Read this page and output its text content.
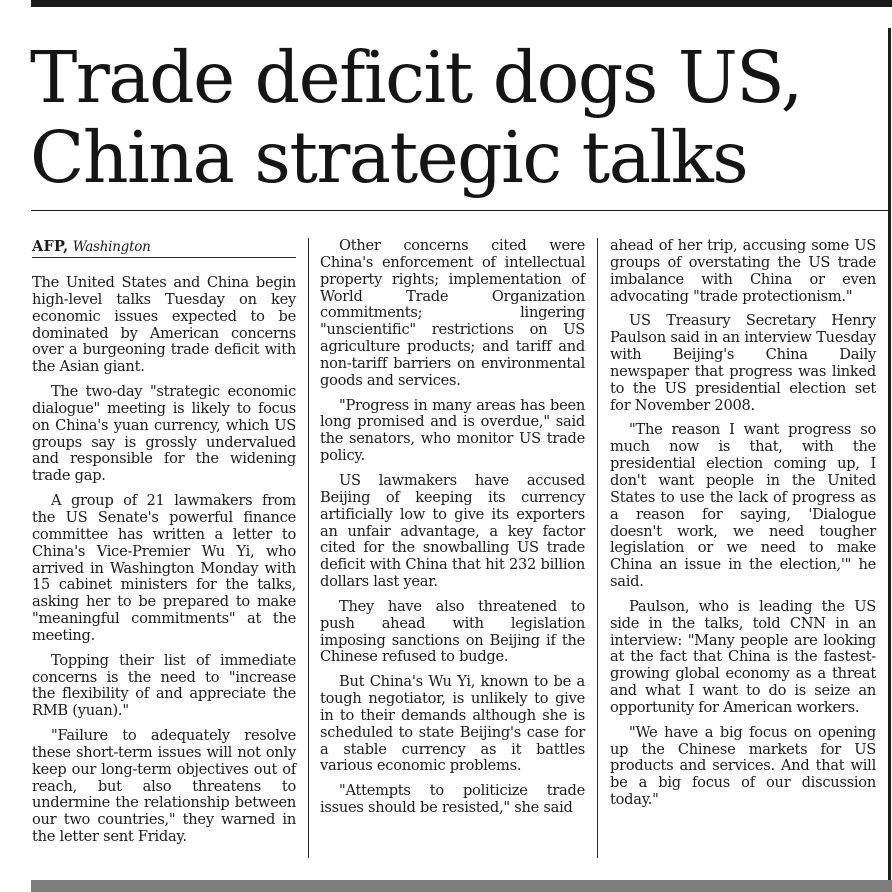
Trade deficit dogs US, China strategic talks
AFP, Washington

The United States and China begin high-level talks Tuesday on key economic issues expected to be dominated by American concerns over a burgeoning trade deficit with the Asian giant.

The two-day "strategic economic dialogue" meeting is likely to focus on China's yuan currency, which US groups say is grossly undervalued and responsible for the widening trade gap.

A group of 21 lawmakers from the US Senate's powerful finance committee has written a letter to China's Vice-Premier Wu Yi, who arrived in Washington Monday with 15 cabinet ministers for the talks, asking her to be prepared to make "meaningful commitments" at the meeting.

Topping their list of immediate concerns is the need to "increase the flexibility of and appreciate the RMB (yuan)."

"Failure to adequately resolve these short-term issues will not only keep our long-term objectives out of reach, but also threatens to undermine the relationship between our two countries," they warned in the letter sent Friday.

Other concerns cited were China's enforcement of intellectual property rights; implementation of World Trade Organization commitments; lingering "unscientific" restrictions on US agriculture products; and tariff and non-tariff barriers on environmental goods and services.

"Progress in many areas has been long promised and is overdue," said the senators, who monitor US trade policy.

US lawmakers have accused Beijing of keeping its currency artificially low to give its exporters an unfair advantage, a key factor cited for the snowballing US trade deficit with China that hit 232 billion dollars last year.

They have also threatened to push ahead with legislation imposing sanctions on Beijing if the Chinese refused to budge.

But China's Wu Yi, known to be a tough negotiator, is unlikely to give in to their demands although she is scheduled to state Beijing's case for a stable currency as it battles various economic problems.

"Attempts to politicize trade issues should be resisted," she said

ahead of her trip, accusing some US groups of overstating the US trade imbalance with China or even advocating "trade protectionism."

US Treasury Secretary Henry Paulson said in an interview Tuesday with Beijing's China Daily newspaper that progress was linked to the US presidential election set for November 2008.

"The reason I want progress so much now is that, with the presidential election coming up, I don't want people in the United States to use the lack of progress as a reason for saying, 'Dialogue doesn't work, we need tougher legislation or we need to make China an issue in the election,'" he said.

Paulson, who is leading the US side in the talks, told CNN in an interview: "Many people are looking at the fact that China is the fastest-growing global economy as a threat and what I want to do is seize an opportunity for American workers.

"We have a big focus on opening up the Chinese markets for US products and services. And that will be a big focus of our discussion today."
